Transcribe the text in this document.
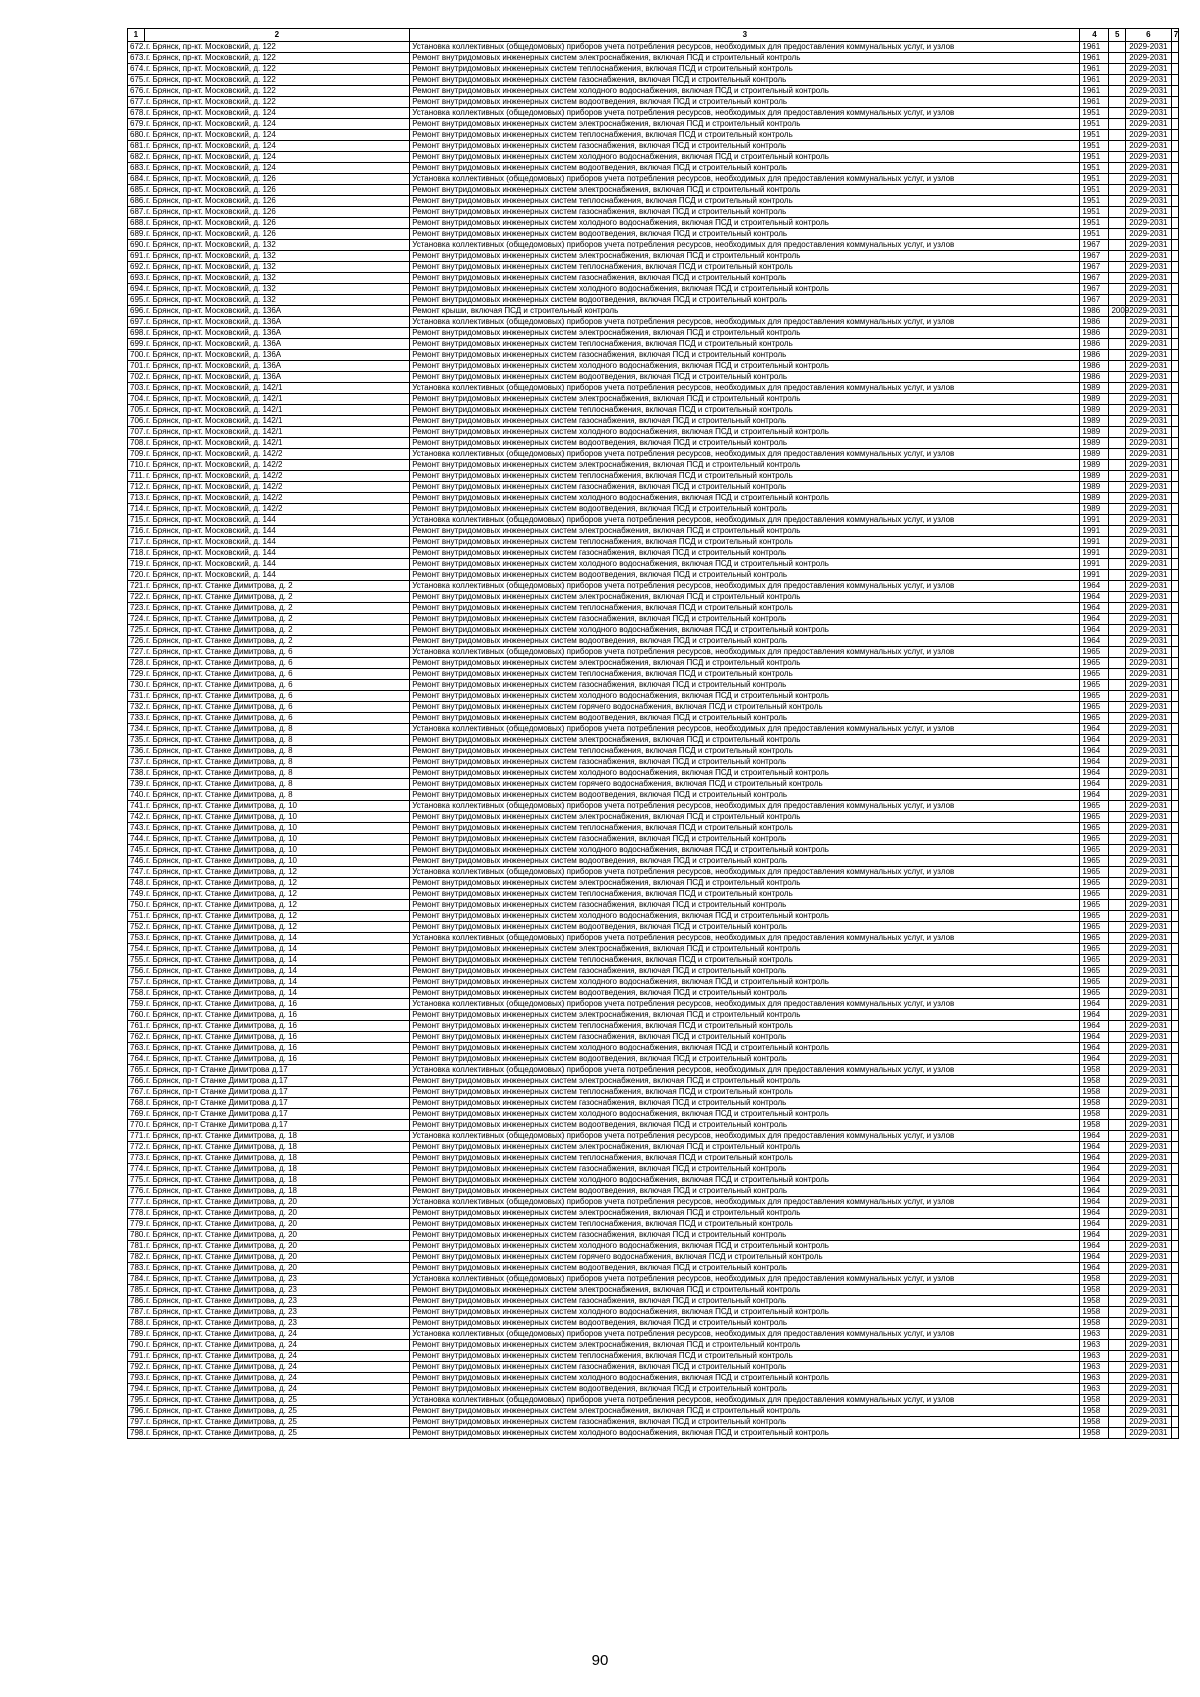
1	2	3	4	5	6	7
672.	г. Брянск, пр-кт. Московский, д. 122	Установка коллективных (общедомовых) приборов учета потребления ресурсов, необходимых для предоставления коммунальных услуг, и узлов	1961		2029-2031	
673.	г. Брянск, пр-кт. Московский, д. 122	Ремонт внутридомовых инженерных систем электроснабжения, включая ПСД и строительный контроль	1961		2029-2031	
674.	г. Брянск, пр-кт. Московский, д. 122	Ремонт внутридомовых инженерных систем теплоснабжения, включая ПСД и строительный контроль	1961		2029-2031	
675.	г. Брянск, пр-кт. Московский, д. 122	Ремонт внутридомовых инженерных систем газоснабжения, включая ПСД и строительный контроль	1961		2029-2031	
676.	г. Брянск, пр-кт. Московский, д. 122	Ремонт внутридомовых инженерных систем холодного водоснабжения, включая ПСД и строительный контроль	1961		2029-2031	
677.	г. Брянск, пр-кт. Московский, д. 122	Ремонт внутридомовых инженерных систем водоотведения, включая ПСД и строительный контроль	1961		2029-2031	
678.	г. Брянск, пр-кт. Московский, д. 124	Установка коллективных (общедомовых) приборов учета потребления ресурсов, необходимых для предоставления коммунальных услуг, и узлов	1951		2029-2031	
679.	г. Брянск, пр-кт. Московский, д. 124	Ремонт внутридомовых инженерных систем электроснабжения, включая ПСД и строительный контроль	1951		2029-2031	
680.	г. Брянск, пр-кт. Московский, д. 124	Ремонт внутридомовых инженерных систем теплоснабжения, включая ПСД и строительный контроль	1951		2029-2031	
681.	г. Брянск, пр-кт. Московский, д. 124	Ремонт внутридомовых инженерных систем газоснабжения, включая ПСД и строительный контроль	1951		2029-2031	
682.	г. Брянск, пр-кт. Московский, д. 124	Ремонт внутридомовых инженерных систем холодного водоснабжения, включая ПСД и строительный контроль	1951		2029-2031	
683.	г. Брянск, пр-кт. Московский, д. 124	Ремонт внутридомовых инженерных систем водоотведения, включая ПСД и строительный контроль	1951		2029-2031	
684.	г. Брянск, пр-кт. Московский, д. 126	Установка коллективных (общедомовых) приборов учета потребления ресурсов, необходимых для предоставления коммунальных услуг, и узлов	1951		2029-2031	
685.	г. Брянск, пр-кт. Московский, д. 126	Ремонт внутридомовых инженерных систем электроснабжения, включая ПСД и строительный контроль	1951		2029-2031	
686.	г. Брянск, пр-кт. Московский, д. 126	Ремонт внутридомовых инженерных систем теплоснабжения, включая ПСД и строительный контроль	1951		2029-2031	
687.	г. Брянск, пр-кт. Московский, д. 126	Ремонт внутридомовых инженерных систем газоснабжения, включая ПСД и строительный контроль	1951		2029-2031	
688.	г. Брянск, пр-кт. Московский, д. 126	Ремонт внутридомовых инженерных систем холодного водоснабжения, включая ПСД и строительный контроль	1951		2029-2031	
689.	г. Брянск, пр-кт. Московский, д. 126	Ремонт внутридомовых инженерных систем водоотведения, включая ПСД и строительный контроль	1951		2029-2031	
690.	г. Брянск, пр-кт. Московский, д. 132	Установка коллективных (общедомовых) приборов учета потребления ресурсов, необходимых для предоставления коммунальных услуг, и узлов	1967		2029-2031	
691.	г. Брянск, пр-кт. Московский, д. 132	Ремонт внутридомовых инженерных систем электроснабжения, включая ПСД и строительный контроль	1967		2029-2031	
692.	г. Брянск, пр-кт. Московский, д. 132	Ремонт внутридомовых инженерных систем теплоснабжения, включая ПСД и строительный контроль	1967		2029-2031	
693.	г. Брянск, пр-кт. Московский, д. 132	Ремонт внутридомовых инженерных систем газоснабжения, включая ПСД и строительный контроль	1967		2029-2031	
694.	г. Брянск, пр-кт. Московский, д. 132	Ремонт внутридомовых инженерных систем холодного водоснабжения, включая ПСД и строительный контроль	1967		2029-2031	
695.	г. Брянск, пр-кт. Московский, д. 132	Ремонт внутридомовых инженерных систем водоотведения, включая ПСД и строительный контроль	1967		2029-2031	
696.	г. Брянск, пр-кт. Московский, д. 136А	Ремонт крыши, включая ПСД и строительный контроль	1986	2009	2029-2031	
697.	г. Брянск, пр-кт. Московский, д. 136А	Установка коллективных (общедомовых) приборов учета потребления ресурсов, необходимых для предоставления коммунальных услуг, и узлов	1986		2029-2031	
698.	г. Брянск, пр-кт. Московский, д. 136А	Ремонт внутридомовых инженерных систем электроснабжения, включая ПСД и строительный контроль	1986		2029-2031	
699.	г. Брянск, пр-кт. Московский, д. 136А	Ремонт внутридомовых инженерных систем теплоснабжения, включая ПСД и строительный контроль	1986		2029-2031	
700.	г. Брянск, пр-кт. Московский, д. 136А	Ремонт внутридомовых инженерных систем газоснабжения, включая ПСД и строительный контроль	1986		2029-2031	
701.	г. Брянск, пр-кт. Московский, д. 136А	Ремонт внутридомовых инженерных систем холодного водоснабжения, включая ПСД и строительный контроль	1986		2029-2031	
702.	г. Брянск, пр-кт. Московский, д. 136А	Ремонт внутридомовых инженерных систем водоотведения, включая ПСД и строительный контроль	1986		2029-2031	
703.	г. Брянск, пр-кт. Московский, д. 142/1	Установка коллективных (общедомовых) приборов учета потребления ресурсов, необходимых для предоставления коммунальных услуг, и узлов	1989		2029-2031	
704.	г. Брянск, пр-кт. Московский, д. 142/1	Ремонт внутридомовых инженерных систем электроснабжения, включая ПСД и строительный контроль	1989		2029-2031	
705.	г. Брянск, пр-кт. Московский, д. 142/1	Ремонт внутридомовых инженерных систем теплоснабжения, включая ПСД и строительный контроль	1989		2029-2031	
706.	г. Брянск, пр-кт. Московский, д. 142/1	Ремонт внутридомовых инженерных систем газоснабжения, включая ПСД и строительный контроль	1989		2029-2031	
707.	г. Брянск, пр-кт. Московский, д. 142/1	Ремонт внутридомовых инженерных систем холодного водоснабжения, включая ПСД и строительный контроль	1989		2029-2031	
708.	г. Брянск, пр-кт. Московский, д. 142/1	Ремонт внутридомовых инженерных систем водоотведения, включая ПСД и строительный контроль	1989		2029-2031	
709.	г. Брянск, пр-кт. Московский, д. 142/2	Установка коллективных (общедомовых) приборов учета потребления ресурсов, необходимых для предоставления коммунальных услуг, и узлов	1989		2029-2031	
710.	г. Брянск, пр-кт. Московский, д. 142/2	Ремонт внутридомовых инженерных систем электроснабжения, включая ПСД и строительный контроль	1989		2029-2031	
711.	г. Брянск, пр-кт. Московский, д. 142/2	Ремонт внутридомовых инженерных систем теплоснабжения, включая ПСД и строительный контроль	1989		2029-2031	
712.	г. Брянск, пр-кт. Московский, д. 142/2	Ремонт внутридомовых инженерных систем газоснабжения, включая ПСД и строительный контроль	1989		2029-2031	
713.	г. Брянск, пр-кт. Московский, д. 142/2	Ремонт внутридомовых инженерных систем холодного водоснабжения, включая ПСД и строительный контроль	1989		2029-2031	
714.	г. Брянск, пр-кт. Московский, д. 142/2	Ремонт внутридомовых инженерных систем водоотведения, включая ПСД и строительный контроль	1989		2029-2031	
715.	г. Брянск, пр-кт. Московский, д. 144	Установка коллективных (общедомовых) приборов учета потребления ресурсов, необходимых для предоставления коммунальных услуг, и узлов	1991		2029-2031	
716.	г. Брянск, пр-кт. Московский, д. 144	Ремонт внутридомовых инженерных систем электроснабжения, включая ПСД и строительный контроль	1991		2029-2031	
717.	г. Брянск, пр-кт. Московский, д. 144	Ремонт внутридомовых инженерных систем теплоснабжения, включая ПСД и строительный контроль	1991		2029-2031	
718.	г. Брянск, пр-кт. Московский, д. 144	Ремонт внутридомовых инженерных систем газоснабжения, включая ПСД и строительный контроль	1991		2029-2031	
719.	г. Брянск, пр-кт. Московский, д. 144	Ремонт внутридомовых инженерных систем холодного водоснабжения, включая ПСД и строительный контроль	1991		2029-2031	
720.	г. Брянск, пр-кт. Московский, д. 144	Ремонт внутридомовых инженерных систем водоотведения, включая ПСД и строительный контроль	1991		2029-2031	
721.	г. Брянск, пр-кт. Станке Димитрова, д. 2	Установка коллективных (общедомовых) приборов учета потребления ресурсов, необходимых для предоставления коммунальных услуг, и узлов	1964		2029-2031	
722.	г. Брянск, пр-кт. Станке Димитрова, д. 2	Ремонт внутридомовых инженерных систем электроснабжения, включая ПСД и строительный контроль	1964		2029-2031	
723.	г. Брянск, пр-кт. Станке Димитрова, д. 2	Ремонт внутридомовых инженерных систем теплоснабжения, включая ПСД и строительный контроль	1964		2029-2031	
724.	г. Брянск, пр-кт. Станке Димитрова, д. 2	Ремонт внутридомовых инженерных систем газоснабжения, включая ПСД и строительный контроль	1964		2029-2031	
725.	г. Брянск, пр-кт. Станке Димитрова, д. 2	Ремонт внутридомовых инженерных систем холодного водоснабжения, включая ПСД и строительный контроль	1964		2029-2031	
726.	г. Брянск, пр-кт. Станке Димитрова, д. 2	Ремонт внутридомовых инженерных систем водоотведения, включая ПСД и строительный контроль	1964		2029-2031	
727.	г. Брянск, пр-кт. Станке Димитрова, д. 6	Установка коллективных (общедомовых) приборов учета потребления ресурсов, необходимых для предоставления коммунальных услуг, и узлов	1965		2029-2031	
728.	г. Брянск, пр-кт. Станке Димитрова, д. 6	Ремонт внутридомовых инженерных систем электроснабжения, включая ПСД и строительный контроль	1965		2029-2031	
729.	г. Брянск, пр-кт. Станке Димитрова, д. 6	Ремонт внутридомовых инженерных систем теплоснабжения, включая ПСД и строительный контроль	1965		2029-2031	
730.	г. Брянск, пр-кт. Станке Димитрова, д. 6	Ремонт внутридомовых инженерных систем газоснабжения, включая ПСД и строительный контроль	1965		2029-2031	
731.	г. Брянск, пр-кт. Станке Димитрова, д. 6	Ремонт внутридомовых инженерных систем холодного водоснабжения, включая ПСД и строительный контроль	1965		2029-2031	
732.	г. Брянск, пр-кт. Станке Димитрова, д. 6	Ремонт внутридомовых инженерных систем горячего водоснабжения, включая ПСД и строительный контроль	1965		2029-2031	
733.	г. Брянск, пр-кт. Станке Димитрова, д. 6	Ремонт внутридомовых инженерных систем водоотведения, включая ПСД и строительный контроль	1965		2029-2031	
734.	г. Брянск, пр-кт. Станке Димитрова, д. 8	Установка коллективных (общедомовых) приборов учета потребления ресурсов, необходимых для предоставления коммунальных услуг, и узлов	1964		2029-2031	
735.	г. Брянск, пр-кт. Станке Димитрова, д. 8	Ремонт внутридомовых инженерных систем электроснабжения, включая ПСД и строительный контроль	1964		2029-2031	
736.	г. Брянск, пр-кт. Станке Димитрова, д. 8	Ремонт внутридомовых инженерных систем теплоснабжения, включая ПСД и строительный контроль	1964		2029-2031	
737.	г. Брянск, пр-кт. Станке Димитрова, д. 8	Ремонт внутридомовых инженерных систем газоснабжения, включая ПСД и строительный контроль	1964		2029-2031	
738.	г. Брянск, пр-кт. Станке Димитрова, д. 8	Ремонт внутридомовых инженерных систем холодного водоснабжения, включая ПСД и строительный контроль	1964		2029-2031	
739.	г. Брянск, пр-кт. Станке Димитрова, д. 8	Ремонт внутридомовых инженерных систем горячего водоснабжения, включая ПСД и строительный контроль	1964		2029-2031	
740.	г. Брянск, пр-кт. Станке Димитрова, д. 8	Ремонт внутридомовых инженерных систем водоотведения, включая ПСД и строительный контроль	1964		2029-2031	
741.	г. Брянск, пр-кт. Станке Димитрова, д. 10	Установка коллективных (общедомовых) приборов учета потребления ресурсов, необходимых для предоставления коммунальных услуг, и узлов	1965		2029-2031	
742.	г. Брянск, пр-кт. Станке Димитрова, д. 10	Ремонт внутридомовых инженерных систем электроснабжения, включая ПСД и строительный контроль	1965		2029-2031	
743.	г. Брянск, пр-кт. Станке Димитрова, д. 10	Ремонт внутридомовых инженерных систем теплоснабжения, включая ПСД и строительный контроль	1965		2029-2031	
744.	г. Брянск, пр-кт. Станке Димитрова, д. 10	Ремонт внутридомовых инженерных систем газоснабжения, включая ПСД и строительный контроль	1965		2029-2031	
745.	г. Брянск, пр-кт. Станке Димитрова, д. 10	Ремонт внутридомовых инженерных систем холодного водоснабжения, включая ПСД и строительный контроль	1965		2029-2031	
746.	г. Брянск, пр-кт. Станке Димитрова, д. 10	Ремонт внутридомовых инженерных систем водоотведения, включая ПСД и строительный контроль	1965		2029-2031	
747.	г. Брянск, пр-кт. Станке Димитрова, д. 12	Установка коллективных (общедомовых) приборов учета потребления ресурсов, необходимых для предоставления коммунальных услуг, и узлов	1965		2029-2031	
748.	г. Брянск, пр-кт. Станке Димитрова, д. 12	Ремонт внутридомовых инженерных систем электроснабжения, включая ПСД и строительный контроль	1965		2029-2031	
749.	г. Брянск, пр-кт. Станке Димитрова, д. 12	Ремонт внутридомовых инженерных систем теплоснабжения, включая ПСД и строительный контроль	1965		2029-2031	
750.	г. Брянск, пр-кт. Станке Димитрова, д. 12	Ремонт внутридомовых инженерных систем газоснабжения, включая ПСД и строительный контроль	1965		2029-2031	
751.	г. Брянск, пр-кт. Станке Димитрова, д. 12	Ремонт внутридомовых инженерных систем холодного водоснабжения, включая ПСД и строительный контроль	1965		2029-2031	
752.	г. Брянск, пр-кт. Станке Димитрова, д. 12	Ремонт внутридомовых инженерных систем водоотведения, включая ПСД и строительный контроль	1965		2029-2031	
753.	г. Брянск, пр-кт. Станке Димитрова, д. 14	Установка коллективных (общедомовых) приборов учета потребления ресурсов, необходимых для предоставления коммунальных услуг, и узлов	1965		2029-2031	
754.	г. Брянск, пр-кт. Станке Димитрова, д. 14	Ремонт внутридомовых инженерных систем электроснабжения, включая ПСД и строительный контроль	1965		2029-2031	
755.	г. Брянск, пр-кт. Станке Димитрова, д. 14	Ремонт внутридомовых инженерных систем теплоснабжения, включая ПСД и строительный контроль	1965		2029-2031	
756.	г. Брянск, пр-кт. Станке Димитрова, д. 14	Ремонт внутридомовых инженерных систем газоснабжения, включая ПСД и строительный контроль	1965		2029-2031	
757.	г. Брянск, пр-кт. Станке Димитрова, д. 14	Ремонт внутридомовых инженерных систем холодного водоснабжения, включая ПСД и строительный контроль	1965		2029-2031	
758.	г. Брянск, пр-кт. Станке Димитрова, д. 14	Ремонт внутридомовых инженерных систем водоотведения, включая ПСД и строительный контроль	1965		2029-2031	
759.	г. Брянск, пр-кт. Станке Димитрова, д. 16	Установка коллективных (общедомовых) приборов учета потребления ресурсов, необходимых для предоставления коммунальных услуг, и узлов	1964		2029-2031	
760.	г. Брянск, пр-кт. Станке Димитрова, д. 16	Ремонт внутридомовых инженерных систем электроснабжения, включая ПСД и строительный контроль	1964		2029-2031	
761.	г. Брянск, пр-кт. Станке Димитрова, д. 16	Ремонт внутридомовых инженерных систем теплоснабжения, включая ПСД и строительный контроль	1964		2029-2031	
762.	г. Брянск, пр-кт. Станке Димитрова, д. 16	Ремонт внутридомовых инженерных систем газоснабжения, включая ПСД и строительный контроль	1964		2029-2031	
763.	г. Брянск, пр-кт. Станке Димитрова, д. 16	Ремонт внутридомовых инженерных систем холодного водоснабжения, включая ПСД и строительный контроль	1964		2029-2031	
764.	г. Брянск, пр-кт. Станке Димитрова, д. 16	Ремонт внутридомовых инженерных систем водоотведения, включая ПСД и строительный контроль	1964		2029-2031	
765.	г. Брянск, пр-т Станке Димитрова д.17	Установка коллективных (общедомовых) приборов учета потребления ресурсов, необходимых для предоставления коммунальных услуг, и узлов	1958		2029-2031	
766.	г. Брянск, пр-т Станке Димитрова д.17	Ремонт внутридомовых инженерных систем электроснабжения, включая ПСД и строительный контроль	1958		2029-2031	
767.	г. Брянск, пр-т Станке Димитрова д.17	Ремонт внутридомовых инженерных систем теплоснабжения, включая ПСД и строительный контроль	1958		2029-2031	
768.	г. Брянск, пр-т Станке Димитрова д.17	Ремонт внутридомовых инженерных систем газоснабжения, включая ПСД и строительный контроль	1958		2029-2031	
769.	г. Брянск, пр-т Станке Димитрова д.17	Ремонт внутридомовых инженерных систем холодного водоснабжения, включая ПСД и строительный контроль	1958		2029-2031	
770.	г. Брянск, пр-т Станке Димитрова д.17	Ремонт внутридомовых инженерных систем водоотведения, включая ПСД и строительный контроль	1958		2029-2031	
771.	г. Брянск, пр-кт. Станке Димитрова, д. 18	Установка коллективных (общедомовых) приборов учета потребления ресурсов, необходимых для предоставления коммунальных услуг, и узлов	1964		2029-2031	
772.	г. Брянск, пр-кт. Станке Димитрова, д. 18	Ремонт внутридомовых инженерных систем электроснабжения, включая ПСД и строительный контроль	1964		2029-2031	
773.	г. Брянск, пр-кт. Станке Димитрова, д. 18	Ремонт внутридомовых инженерных систем теплоснабжения, включая ПСД и строительный контроль	1964		2029-2031	
774.	г. Брянск, пр-кт. Станке Димитрова, д. 18	Ремонт внутридомовых инженерных систем газоснабжения, включая ПСД и строительный контроль	1964		2029-2031	
775.	г. Брянск, пр-кт. Станке Димитрова, д. 18	Ремонт внутридомовых инженерных систем холодного водоснабжения, включая ПСД и строительный контроль	1964		2029-2031	
776.	г. Брянск, пр-кт. Станке Димитрова, д. 18	Ремонт внутридомовых инженерных систем водоотведения, включая ПСД и строительный контроль	1964		2029-2031	
777.	г. Брянск, пр-кт. Станке Димитрова, д. 20	Установка коллективных (общедомовых) приборов учета потребления ресурсов, необходимых для предоставления коммунальных услуг, и узлов	1964		2029-2031	
778.	г. Брянск, пр-кт. Станке Димитрова, д. 20	Ремонт внутридомовых инженерных систем электроснабжения, включая ПСД и строительный контроль	1964		2029-2031	
779.	г. Брянск, пр-кт. Станке Димитрова, д. 20	Ремонт внутридомовых инженерных систем теплоснабжения, включая ПСД и строительный контроль	1964		2029-2031	
780.	г. Брянск, пр-кт. Станке Димитрова, д. 20	Ремонт внутридомовых инженерных систем газоснабжения, включая ПСД и строительный контроль	1964		2029-2031	
781.	г. Брянск, пр-кт. Станке Димитрова, д. 20	Ремонт внутридомовых инженерных систем холодного водоснабжения, включая ПСД и строительный контроль	1964		2029-2031	
782.	г. Брянск, пр-кт. Станке Димитрова, д. 20	Ремонт внутридомовых инженерных систем горячего водоснабжения, включая ПСД и строительный контроль	1964		2029-2031	
783.	г. Брянск, пр-кт. Станке Димитрова, д. 20	Ремонт внутридомовых инженерных систем водоотведения, включая ПСД и строительный контроль	1964		2029-2031	
784.	г. Брянск, пр-кт. Станке Димитрова, д. 23	Установка коллективных (общедомовых) приборов учета потребления ресурсов, необходимых для предоставления коммунальных услуг, и узлов	1958		2029-2031	
785.	г. Брянск, пр-кт. Станке Димитрова, д. 23	Ремонт внутридомовых инженерных систем электроснабжения, включая ПСД и строительный контроль	1958		2029-2031	
786.	г. Брянск, пр-кт. Станке Димитрова, д. 23	Ремонт внутридомовых инженерных систем газоснабжения, включая ПСД и строительный контроль	1958		2029-2031	
787.	г. Брянск, пр-кт. Станке Димитрова, д. 23	Ремонт внутридомовых инженерных систем холодного водоснабжения, включая ПСД и строительный контроль	1958		2029-2031	
788.	г. Брянск, пр-кт. Станке Димитрова, д. 23	Ремонт внутридомовых инженерных систем водоотведения, включая ПСД и строительный контроль	1958		2029-2031	
789.	г. Брянск, пр-кт. Станке Димитрова, д. 24	Установка коллективных (общедомовых) приборов учета потребления ресурсов, необходимых для предоставления коммунальных услуг, и узлов	1963		2029-2031	
790.	г. Брянск, пр-кт. Станке Димитрова, д. 24	Ремонт внутридомовых инженерных систем электроснабжения, включая ПСД и строительный контроль	1963		2029-2031	
791.	г. Брянск, пр-кт. Станке Димитрова, д. 24	Ремонт внутридомовых инженерных систем теплоснабжения, включая ПСД и строительный контроль	1963		2029-2031	
792.	г. Брянск, пр-кт. Станке Димитрова, д. 24	Ремонт внутридомовых инженерных систем газоснабжения, включая ПСД и строительный контроль	1963		2029-2031	
793.	г. Брянск, пр-кт. Станке Димитрова, д. 24	Ремонт внутридомовых инженерных систем холодного водоснабжения, включая ПСД и строительный контроль	1963		2029-2031	
794.	г. Брянск, пр-кт. Станке Димитрова, д. 24	Ремонт внутридомовых инженерных систем водоотведения, включая ПСД и строительный контроль	1963		2029-2031	
795.	г. Брянск, пр-кт. Станке Димитрова, д. 25	Установка коллективных (общедомовых) приборов учета потребления ресурсов, необходимых для предоставления коммунальных услуг, и узлов	1958		2029-2031	
796.	г. Брянск, пр-кт. Станке Димитрова, д. 25	Ремонт внутридомовых инженерных систем электроснабжения, включая ПСД и строительный контроль	1958		2029-2031	
797.	г. Брянск, пр-кт. Станке Димитрова, д. 25	Ремонт внутридомовых инженерных систем газоснабжения, включая ПСД и строительный контроль	1958		2029-2031	
798.	г. Брянск, пр-кт. Станке Димитрова, д. 25	Ремонт внутридомовых инженерных систем холодного водоснабжения, включая ПСД и строительный контроль	1958		2029-2031	
90
